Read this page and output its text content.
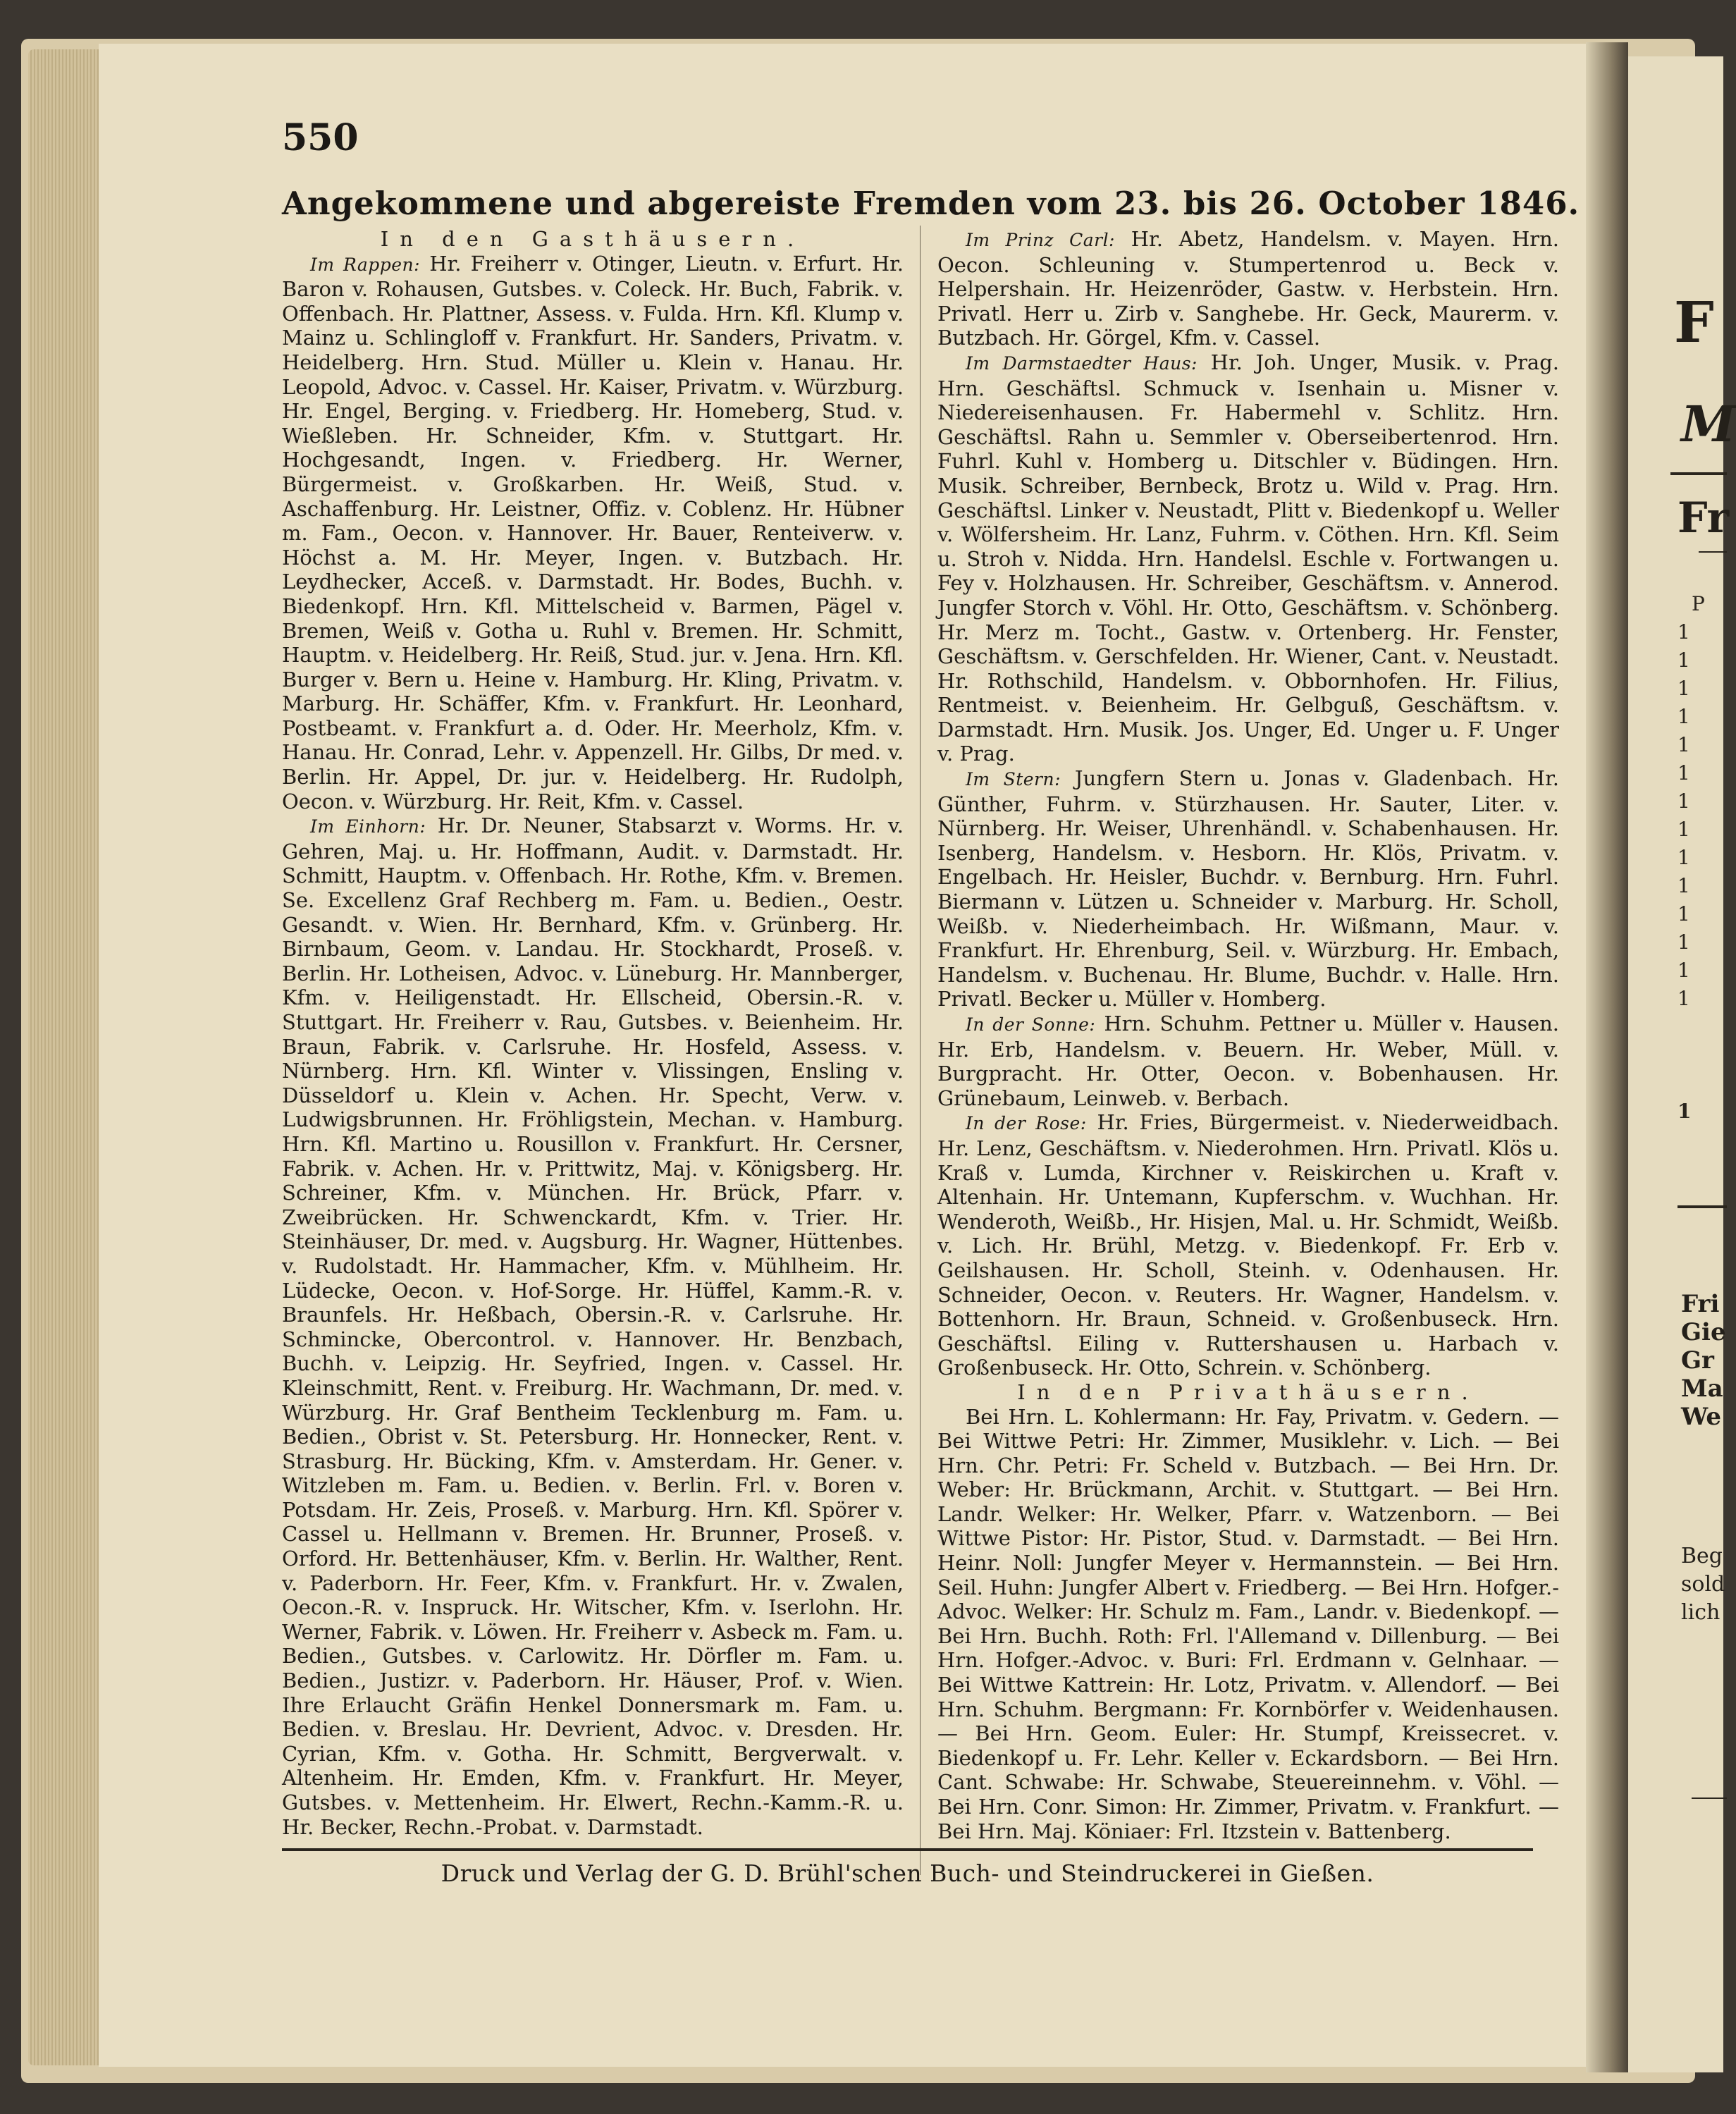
F
M
Fr
P
1
1
1
1
1
1
1
1
1
1
1
1
1
1
1
Fri
Gie
Gr
Ma
We
Beg
sold
lich
550
Angekommene und abgereiste Fremden vom 23. bis 26. October 1846.

In den Gasthäusern.

Im Rappen: Hr. Freiherr v. Otinger, Lieutn. v. Erfurt. Hr. Baron v. Rohausen, Gutsbes. v. Coleck. Hr. Buch, Fabrik. v. Offenbach. Hr. Plattner, Assess. v. Fulda. Hrn. Kfl. Klump v. Mainz u. Schlingloff v. Frankfurt. Hr. Sanders, Privatm. v. Heidelberg. Hrn. Stud. Müller u. Klein v. Hanau. Hr. Leopold, Advoc. v. Cassel. Hr. Kaiser, Privatm. v. Würzburg. Hr. Engel, Berging. v. Friedberg. Hr. Homeberg, Stud. v. Wießleben. Hr. Schneider, Kfm. v. Stuttgart. Hr. Hochgesandt, Ingen. v. Friedberg. Hr. Werner, Bürgermeist. v. Großkarben. Hr. Weiß, Stud. v. Aschaffenburg. Hr. Leistner, Offiz. v. Coblenz. Hr. Hübner m. Fam., Oecon. v. Hannover. Hr. Bauer, Renteiverw. v. Höchst a. M. Hr. Meyer, Ingen. v. Butzbach. Hr. Leydhecker, Acceß. v. Darmstadt. Hr. Bodes, Buchh. v. Biedenkopf. Hrn. Kfl. Mittelscheid v. Barmen, Pägel v. Bremen, Weiß v. Gotha u. Ruhl v. Bremen. Hr. Schmitt, Hauptm. v. Heidelberg. Hr. Reiß, Stud. jur. v. Jena. Hrn. Kfl. Burger v. Bern u. Heine v. Hamburg. Hr. Kling, Privatm. v. Marburg. Hr. Schäffer, Kfm. v. Frankfurt. Hr. Leonhard, Postbeamt. v. Frankfurt a. d. Oder. Hr. Meerholz, Kfm. v. Hanau. Hr. Conrad, Lehr. v. Appenzell. Hr. Gilbs, Dr med. v. Berlin. Hr. Appel, Dr. jur. v. Heidelberg. Hr. Rudolph, Oecon. v. Würzburg. Hr. Reit, Kfm. v. Cassel.

Im Einhorn: Hr. Dr. Neuner, Stabsarzt v. Worms. Hr. v. Gehren, Maj. u. Hr. Hoffmann, Audit. v. Darmstadt. Hr. Schmitt, Hauptm. v. Offenbach. Hr. Rothe, Kfm. v. Bremen. Se. Excellenz Graf Rechberg m. Fam. u. Bedien., Oestr. Gesandt. v. Wien. Hr. Bernhard, Kfm. v. Grünberg. Hr. Birnbaum, Geom. v. Landau. Hr. Stockhardt, Proseß. v. Berlin. Hr. Lotheisen, Advoc. v. Lüneburg. Hr. Mannberger, Kfm. v. Heiligenstadt. Hr. Ellscheid, Obersin.-R. v. Stuttgart. Hr. Freiherr v. Rau, Gutsbes. v. Beienheim. Hr. Braun, Fabrik. v. Carlsruhe. Hr. Hosfeld, Assess. v. Nürnberg. Hrn. Kfl. Winter v. Vlissingen, Ensling v. Düsseldorf u. Klein v. Achen. Hr. Specht, Verw. v. Ludwigsbrunnen. Hr. Fröhligstein, Mechan. v. Hamburg. Hrn. Kfl. Martino u. Rousillon v. Frankfurt. Hr. Cersner, Fabrik. v. Achen. Hr. v. Prittwitz, Maj. v. Königsberg. Hr. Schreiner, Kfm. v. München. Hr. Brück, Pfarr. v. Zweibrücken. Hr. Schwenckardt, Kfm. v. Trier. Hr. Steinhäuser, Dr. med. v. Augsburg. Hr. Wagner, Hüttenbes. v. Rudolstadt. Hr. Hammacher, Kfm. v. Mühlheim. Hr. Lüdecke, Oecon. v. Hof-Sorge. Hr. Hüffel, Kamm.-R. v. Braunfels. Hr. Heßbach, Obersin.-R. v. Carlsruhe. Hr. Schmincke, Obercontrol. v. Hannover. Hr. Benzbach, Buchh. v. Leipzig. Hr. Seyfried, Ingen. v. Cassel. Hr. Kleinschmitt, Rent. v. Freiburg. Hr. Wachmann, Dr. med. v. Würzburg. Hr. Graf Bentheim Tecklenburg m. Fam. u. Bedien., Obrist v. St. Petersburg. Hr. Honnecker, Rent. v. Strasburg. Hr. Bücking, Kfm. v. Amsterdam. Hr. Gener. v. Witzleben m. Fam. u. Bedien. v. Berlin. Frl. v. Boren v. Potsdam. Hr. Zeis, Proseß. v. Marburg. Hrn. Kfl. Spörer v. Cassel u. Hellmann v. Bremen. Hr. Brunner, Proseß. v. Orford. Hr. Bettenhäuser, Kfm. v. Berlin. Hr. Walther, Rent. v. Paderborn. Hr. Feer, Kfm. v. Frankfurt. Hr. v. Zwalen, Oecon.-R. v. Inspruck. Hr. Witscher, Kfm. v. Iserlohn. Hr. Werner, Fabrik. v. Löwen. Hr. Freiherr v. Asbeck m. Fam. u. Bedien., Gutsbes. v. Carlowitz. Hr. Dörfler m. Fam. u. Bedien., Justizr. v. Paderborn. Hr. Häuser, Prof. v. Wien. Ihre Erlaucht Gräfin Henkel Donnersmark m. Fam. u. Bedien. v. Breslau. Hr. Devrient, Advoc. v. Dresden. Hr. Cyrian, Kfm. v. Gotha. Hr. Schmitt, Bergverwalt. v. Altenheim. Hr. Emden, Kfm. v. Frankfurt. Hr. Meyer, Gutsbes. v. Mettenheim. Hr. Elwert, Rechn.-Kamm.-R. u. Hr. Becker, Rechn.-Probat. v. Darmstadt.

Im Prinz Carl: Hr. Abetz, Handelsm. v. Mayen. Hrn. Oecon. Schleuning v. Stumpertenrod u. Beck v. Helpershain. Hr. Heizenröder, Gastw. v. Herbstein. Hrn. Privatl. Herr u. Zirb v. Sanghebe. Hr. Geck, Maurerm. v. Butzbach. Hr. Görgel, Kfm. v. Cassel.

Im Darmstaedter Haus: Hr. Joh. Unger, Musik. v. Prag. Hrn. Geschäftsl. Schmuck v. Isenhain u. Misner v. Niedereisenhausen. Fr. Habermehl v. Schlitz. Hrn. Geschäftsl. Rahn u. Semmler v. Oberseibertenrod. Hrn. Fuhrl. Kuhl v. Homberg u. Ditschler v. Büdingen. Hrn. Musik. Schreiber, Bernbeck, Brotz u. Wild v. Prag. Hrn. Geschäftsl. Linker v. Neustadt, Plitt v. Biedenkopf u. Weller v. Wölfersheim. Hr. Lanz, Fuhrm. v. Cöthen. Hrn. Kfl. Seim u. Stroh v. Nidda. Hrn. Handelsl. Eschle v. Fortwangen u. Fey v. Holzhausen. Hr. Schreiber, Geschäftsm. v. Annerod. Jungfer Storch v. Vöhl. Hr. Otto, Geschäftsm. v. Schönberg. Hr. Merz m. Tocht., Gastw. v. Ortenberg. Hr. Fenster, Geschäftsm. v. Gerschfelden. Hr. Wiener, Cant. v. Neustadt. Hr. Rothschild, Handelsm. v. Obbornhofen. Hr. Filius, Rentmeist. v. Beienheim. Hr. Gelbguß, Geschäftsm. v. Darmstadt. Hrn. Musik. Jos. Unger, Ed. Unger u. F. Unger v. Prag.

Im Stern: Jungfern Stern u. Jonas v. Gladenbach. Hr. Günther, Fuhrm. v. Stürzhausen. Hr. Sauter, Liter. v. Nürnberg. Hr. Weiser, Uhrenhändl. v. Schabenhausen. Hr. Isenberg, Handelsm. v. Hesborn. Hr. Klös, Privatm. v. Engelbach. Hr. Heisler, Buchdr. v. Bernburg. Hrn. Fuhrl. Biermann v. Lützen u. Schneider v. Marburg. Hr. Scholl, Weißb. v. Niederheimbach. Hr. Wißmann, Maur. v. Frankfurt. Hr. Ehrenburg, Seil. v. Würzburg. Hr. Embach, Handelsm. v. Buchenau. Hr. Blume, Buchdr. v. Halle. Hrn. Privatl. Becker u. Müller v. Homberg.

In der Sonne: Hrn. Schuhm. Pettner u. Müller v. Hausen. Hr. Erb, Handelsm. v. Beuern. Hr. Weber, Müll. v. Burgpracht. Hr. Otter, Oecon. v. Bobenhausen. Hr. Grünebaum, Leinweb. v. Berbach.

In der Rose: Hr. Fries, Bürgermeist. v. Niederweidbach. Hr. Lenz, Geschäftsm. v. Niederohmen. Hrn. Privatl. Klös u. Kraß v. Lumda, Kirchner v. Reiskirchen u. Kraft v. Altenhain. Hr. Untemann, Kupferschm. v. Wuchhan. Hr. Wenderoth, Weißb., Hr. Hisjen, Mal. u. Hr. Schmidt, Weißb. v. Lich. Hr. Brühl, Metzg. v. Biedenkopf. Fr. Erb v. Geilshausen. Hr. Scholl, Steinh. v. Odenhausen. Hr. Schneider, Oecon. v. Reuters. Hr. Wagner, Handelsm. v. Bottenhorn. Hr. Braun, Schneid. v. Großenbuseck. Hrn. Geschäftsl. Eiling v. Ruttershausen u. Harbach v. Großenbuseck. Hr. Otto, Schrein. v. Schönberg.

In den Privathäusern.

Bei Hrn. L. Kohlermann: Hr. Fay, Privatm. v. Gedern. — Bei Wittwe Petri: Hr. Zimmer, Musiklehr. v. Lich. — Bei Hrn. Chr. Petri: Fr. Scheld v. Butzbach. — Bei Hrn. Dr. Weber: Hr. Brückmann, Archit. v. Stuttgart. — Bei Hrn. Landr. Welker: Hr. Welker, Pfarr. v. Watzenborn. — Bei Wittwe Pistor: Hr. Pistor, Stud. v. Darmstadt. — Bei Hrn. Heinr. Noll: Jungfer Meyer v. Hermannstein. — Bei Hrn. Seil. Huhn: Jungfer Albert v. Friedberg. — Bei Hrn. Hofger.-Advoc. Welker: Hr. Schulz m. Fam., Landr. v. Biedenkopf. — Bei Hrn. Buchh. Roth: Frl. l'Allemand v. Dillenburg. — Bei Hrn. Hofger.-Advoc. v. Buri: Frl. Erdmann v. Gelnhaar. — Bei Wittwe Kattrein: Hr. Lotz, Privatm. v. Allendorf. — Bei Hrn. Schuhm. Bergmann: Fr. Kornbörfer v. Weidenhausen. — Bei Hrn. Geom. Euler: Hr. Stumpf, Kreissecret. v. Biedenkopf u. Fr. Lehr. Keller v. Eckardsborn. — Bei Hrn. Cant. Schwabe: Hr. Schwabe, Steuereinnehm. v. Vöhl. — Bei Hrn. Conr. Simon: Hr. Zimmer, Privatm. v. Frankfurt. — Bei Hrn. Maj. Köniaer: Frl. Itzstein v. Battenberg.

Druck und Verlag der G. D. Brühl'schen Buch- und Steindruckerei in Gießen.
